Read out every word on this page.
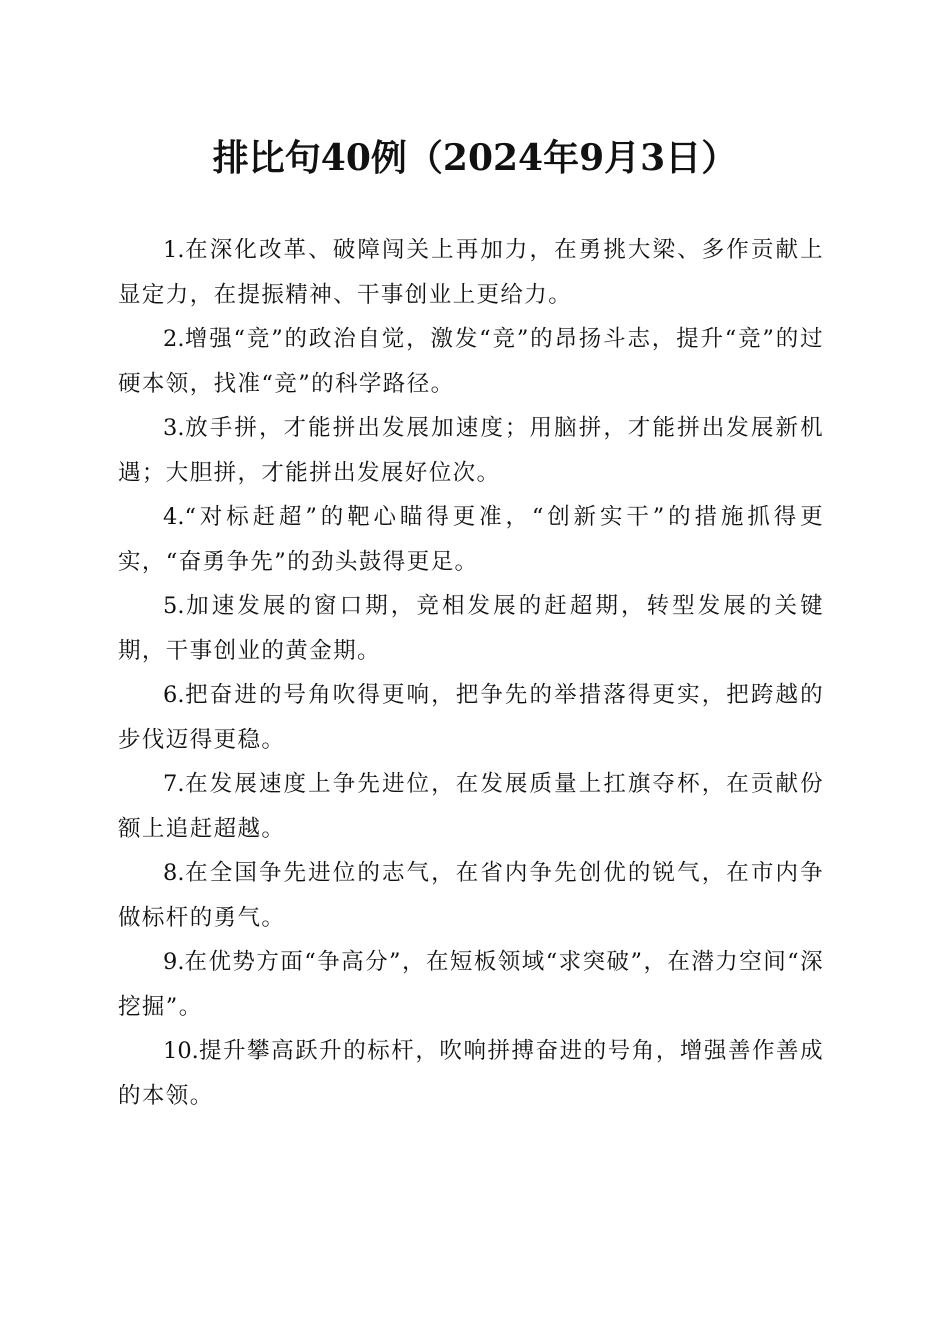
排比句40例（2024年9月3日）

1.在深化改革、破障闯关上再加力，在勇挑大梁、多作贡献上显定力，在提振精神、干事创业上更给力。

2.增强“竞”的政治自觉，激发“竞”的昂扬斗志，提升“竞”的过硬本领，找准“竞”的科学路径。

3.放手拼，才能拼出发展加速度；用脑拼，才能拼出发展新机遇；大胆拼，才能拼出发展好位次。

4.“对标赶超”的靶心瞄得更准，“创新实干”的措施抓得更实，“奋勇争先”的劲头鼓得更足。

5.加速发展的窗口期，竞相发展的赶超期，转型发展的关键期，干事创业的黄金期。

6.把奋进的号角吹得更响，把争先的举措落得更实，把跨越的步伐迈得更稳。

7.在发展速度上争先进位，在发展质量上扛旗夺杯，在贡献份额上追赶超越。

8.在全国争先进位的志气，在省内争先创优的锐气，在市内争做标杆的勇气。

9.在优势方面“争高分”，在短板领域“求突破”，在潜力空间“深挖掘”。

10.提升攀高跃升的标杆，吹响拼搏奋进的号角，增强善作善成的本领。
